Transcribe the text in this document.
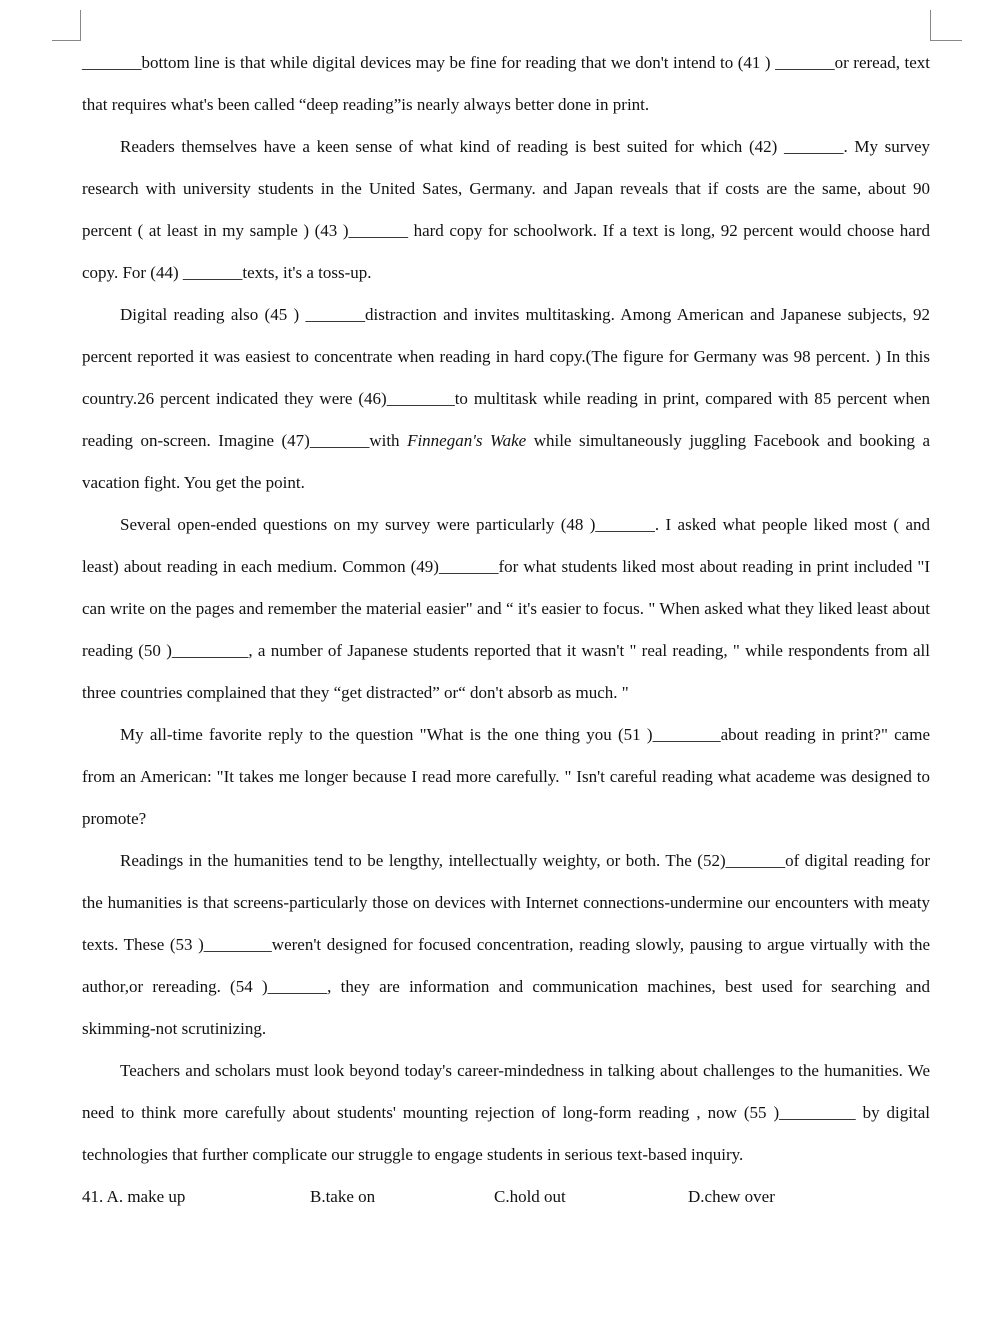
_______bottom line is that while digital devices may be fine for reading that we don't intend to (41 ) _______or reread, text that requires what's been called “deep reading”is nearly always better done in print.

Readers themselves have a keen sense of what kind of reading is best suited for which (42) _______. My survey research with university students in the United Sates, Germany. and Japan reveals that if costs are the same, about 90 percent ( at least in my sample ) (43 )_______ hard copy for schoolwork. If a text is long, 92 percent would choose hard copy. For (44) _______texts, it's a toss-up.

Digital reading also (45 ) _______distraction and invites multitasking. Among American and Japanese subjects, 92 percent reported it was easiest to concentrate when reading in hard copy.(The figure for Germany was 98 percent. ) In this country.26 percent indicated they were (46)________to multitask while reading in print, compared with 85 percent when reading on-screen. Imagine (47)_______with Finnegan's Wake while simultaneously juggling Facebook and booking a vacation fight. You get the point.

Several open-ended questions on my survey were particularly (48 )_______. I asked what people liked most ( and least) about reading in each medium. Common (49)_______for what students liked most about reading in print included "I can write on the pages and remember the material easier" and “ it's easier to focus. " When asked what they liked least about reading (50 )_________, a number of Japanese students reported that it wasn't " real reading, " while respondents from all three countries complained that they “get distracted” or“ don't absorb as much. "

My all-time favorite reply to the question "What is the one thing you (51 )________about reading in print?" came from an American: "It takes me longer because I read more carefully. " Isn't careful reading what academe was designed to promote?

Readings in the humanities tend to be lengthy, intellectually weighty, or both. The (52)_______of digital reading for the humanities is that screens-particularly those on devices with Internet connections-undermine our encounters with meaty texts. These (53 )________weren't designed for focused concentration, reading slowly, pausing to argue virtually with the author,or rereading. (54 )_______, they are information and communication machines, best used for searching and skimming-not scrutinizing.

Teachers and scholars must look beyond today's career-mindedness in talking about challenges to the humanities. We need to think more carefully about students' mounting rejection of long-form reading , now (55 )_________ by digital technologies that further complicate our struggle to engage students in serious text-based inquiry.

41. A. make up	B.take on	C.hold out	D.chew over
